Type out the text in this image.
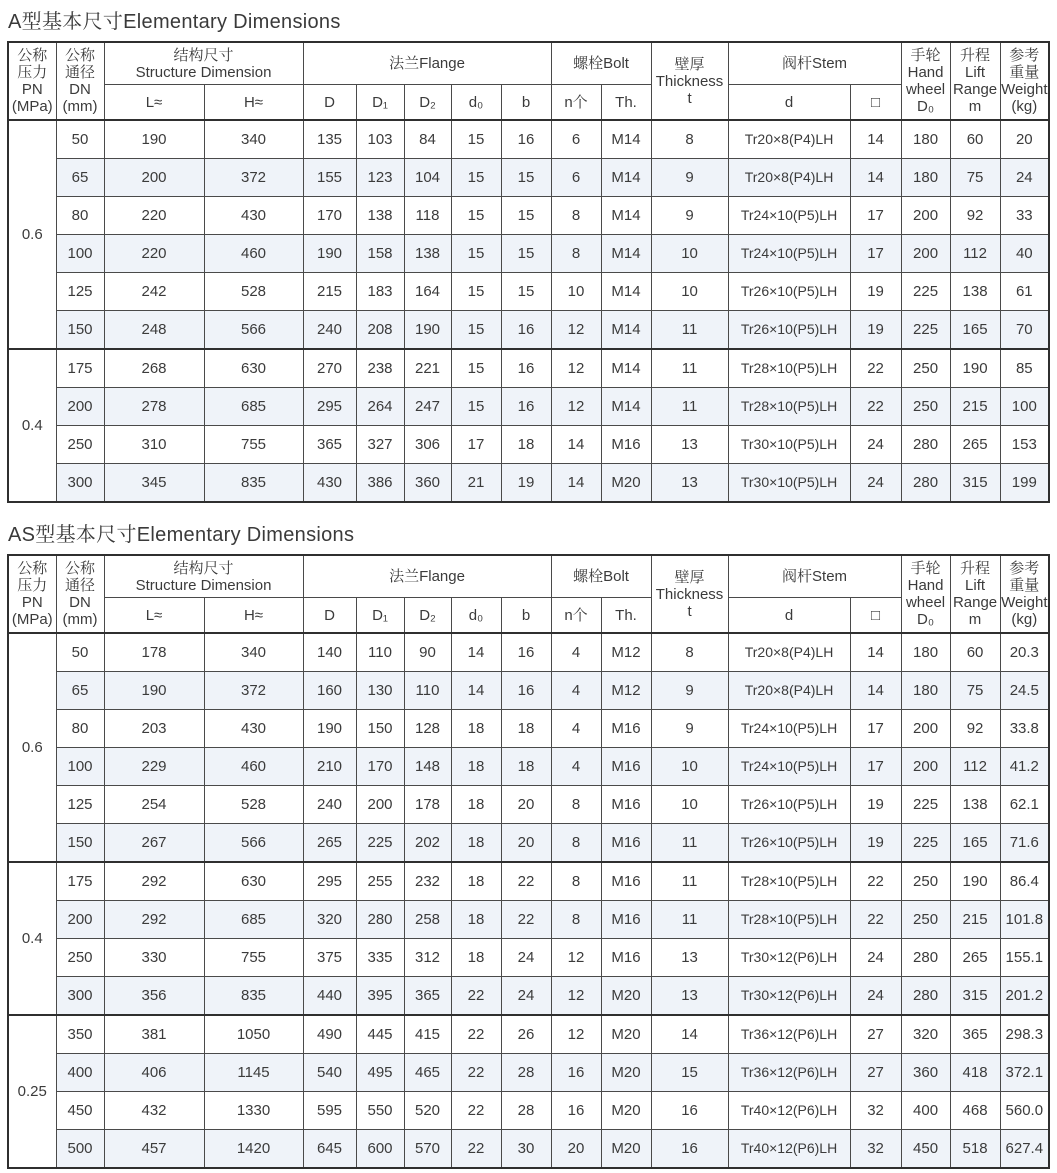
A型基本尺寸Elementary Dimensions
公称
压力
PN
(MPa)	公称
通径
DN
(mm)	结构尺寸
Structure Dimension		法兰Flange					螺栓Bolt		壁厚
Thickness
t	阀杆Stem		手轮
Hand
wheel
D₀	升程
Lift
Range
m	参考
重量
Weight
(kg)
		L≈	H≈	D	D₁	D₂	d₀	b	n个	Th.		d	□			
0.6	50	190	340	135	103	84	15	16	6	M14	8	Tr20×8(P4)LH	14	180	60	20
	65	200	372	155	123	104	15	15	6	M14	9	Tr20×8(P4)LH	14	180	75	24
	80	220	430	170	138	118	15	15	8	M14	9	Tr24×10(P5)LH	17	200	92	33
	100	220	460	190	158	138	15	15	8	M14	10	Tr24×10(P5)LH	17	200	112	40
	125	242	528	215	183	164	15	15	10	M14	10	Tr26×10(P5)LH	19	225	138	61
	150	248	566	240	208	190	15	16	12	M14	11	Tr26×10(P5)LH	19	225	165	70
0.4	175	268	630	270	238	221	15	16	12	M14	11	Tr28×10(P5)LH	22	250	190	85
	200	278	685	295	264	247	15	16	12	M14	11	Tr28×10(P5)LH	22	250	215	100
	250	310	755	365	327	306	17	18	14	M16	13	Tr30×10(P5)LH	24	280	265	153
	300	345	835	430	386	360	21	19	14	M20	13	Tr30×10(P5)LH	24	280	315	199
AS型基本尺寸Elementary Dimensions
公称
压力
PN
(MPa)	公称
通径
DN
(mm)	结构尺寸
Structure Dimension		法兰Flange					螺栓Bolt		壁厚
Thickness
t	阀杆Stem		手轮
Hand
wheel
D₀	升程
Lift
Range
m	参考
重量
Weight
(kg)
		L≈	H≈	D	D₁	D₂	d₀	b	n个	Th.		d	□			
0.6	50	178	340	140	110	90	14	16	4	M12	8	Tr20×8(P4)LH	14	180	60	20.3
	65	190	372	160	130	110	14	16	4	M12	9	Tr20×8(P4)LH	14	180	75	24.5
	80	203	430	190	150	128	18	18	4	M16	9	Tr24×10(P5)LH	17	200	92	33.8
	100	229	460	210	170	148	18	18	4	M16	10	Tr24×10(P5)LH	17	200	112	41.2
	125	254	528	240	200	178	18	20	8	M16	10	Tr26×10(P5)LH	19	225	138	62.1
	150	267	566	265	225	202	18	20	8	M16	11	Tr26×10(P5)LH	19	225	165	71.6
0.4	175	292	630	295	255	232	18	22	8	M16	11	Tr28×10(P5)LH	22	250	190	86.4
	200	292	685	320	280	258	18	22	8	M16	11	Tr28×10(P5)LH	22	250	215	101.8
	250	330	755	375	335	312	18	24	12	M16	13	Tr30×12(P6)LH	24	280	265	155.1
	300	356	835	440	395	365	22	24	12	M20	13	Tr30×12(P6)LH	24	280	315	201.2
0.25	350	381	1050	490	445	415	22	26	12	M20	14	Tr36×12(P6)LH	27	320	365	298.3
	400	406	1145	540	495	465	22	28	16	M20	15	Tr36×12(P6)LH	27	360	418	372.1
	450	432	1330	595	550	520	22	28	16	M20	16	Tr40×12(P6)LH	32	400	468	560.0
	500	457	1420	645	600	570	22	30	20	M20	16	Tr40×12(P6)LH	32	450	518	627.4
